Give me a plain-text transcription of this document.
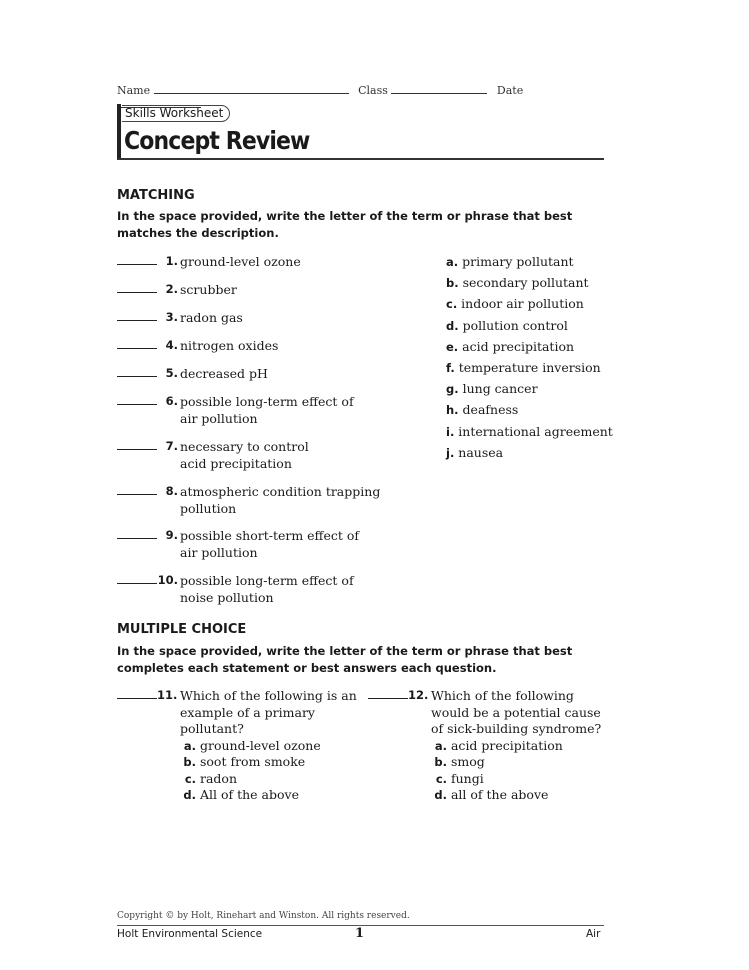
Name	Class	Date
Skills Worksheet
Concept Review
MATCHING
In the space provided, write the letter of the term or phrase that best matches the description.
1. ground-level ozone
2. scrubber
3. radon gas
4. nitrogen oxides
5. decreased pH
6. possible long-term effect of
air pollution
7. necessary to control
acid precipitation
8. atmospheric condition trapping
pollution
9. possible short-term effect of
air pollution
10. possible long-term effect of
noise pollution
a. primary pollutant
b. secondary pollutant
c. indoor air pollution
d. pollution control
e. acid precipitation
f. temperature inversion
g. lung cancer
h. deafness
i. international agreement
j. nausea
MULTIPLE CHOICE
In the space provided, write the letter of the term or phrase that best completes each statement or best answers each question.
11. Which of the following is an
example of a primary
pollutant?
a. ground-level ozone
b. soot from smoke
c. radon
d. All of the above
12. Which of the following
would be a potential cause
of sick-building syndrome?
a. acid precipitation
b. smog
c. fungi
d. all of the above
Copyright © by Holt, Rinehart and Winston. All rights reserved.
Holt Environmental Science	1	Air
